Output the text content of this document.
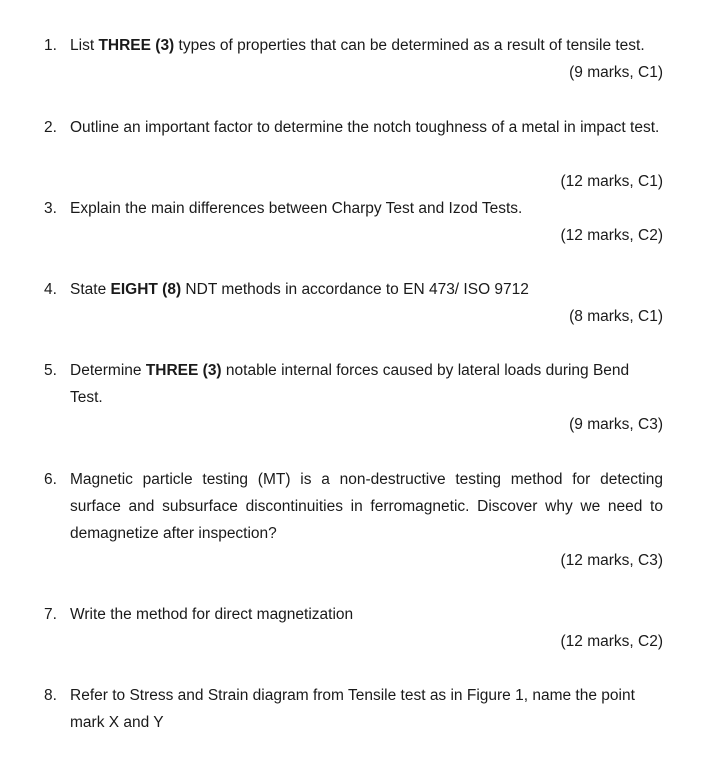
1. List THREE (3) types of properties that can be determined as a result of tensile test.
(9 marks, C1)
2. Outline an important factor to determine the notch toughness of a metal in impact test.
(12 marks, C1)
3. Explain the main differences between Charpy Test and Izod Tests.
(12 marks, C2)
4. State EIGHT (8) NDT methods in accordance to EN 473/ ISO 9712
(8 marks, C1)
5. Determine THREE (3) notable internal forces caused by lateral loads during Bend Test.
(9 marks, C3)
6. Magnetic particle testing (MT) is a non-destructive testing method for detecting surface and subsurface discontinuities in ferromagnetic. Discover why we need to demagnetize after inspection?
(12 marks, C3)
7. Write the method for direct magnetization
(12 marks, C2)
8. Refer to Stress and Strain diagram from Tensile test as in Figure 1, name the point mark X and Y
